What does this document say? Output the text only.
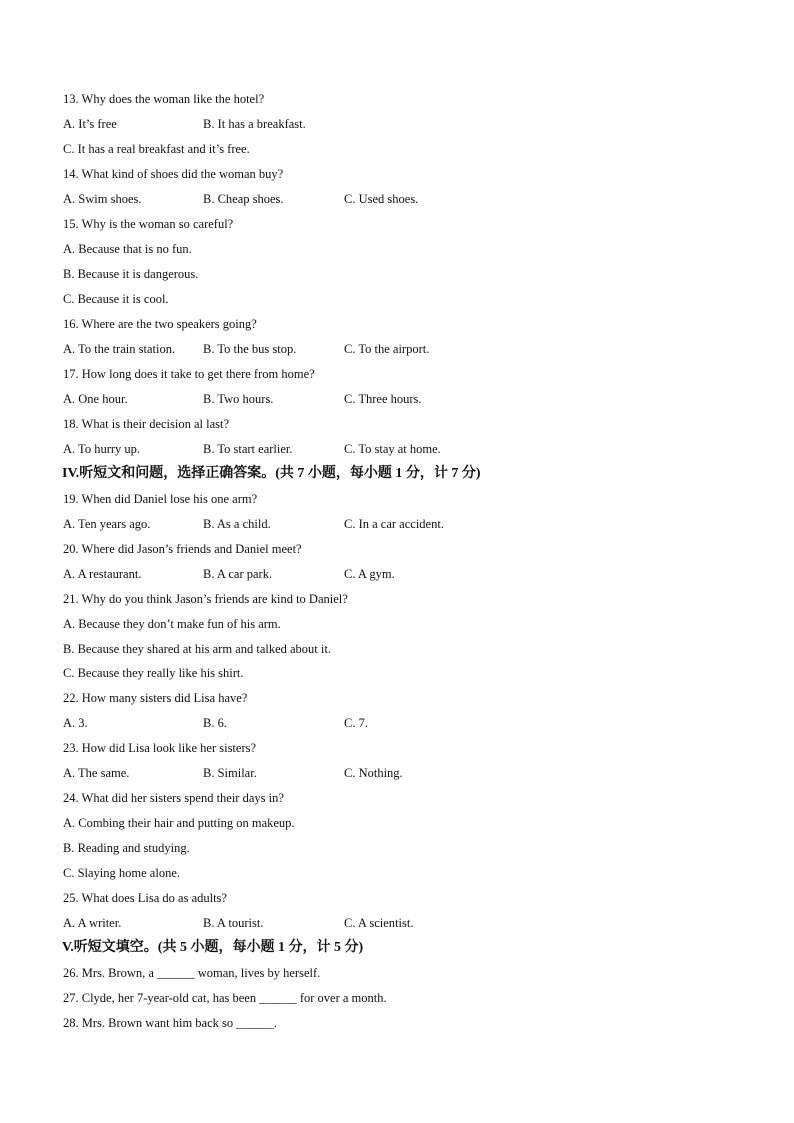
13. Why does the woman like the hotel?
A. It’s free	B. It has a breakfast.
C. It has a real breakfast and it’s free.
14. What kind of shoes did the woman buy?
A. Swim shoes.	B. Cheap shoes.	C. Used shoes.
15. Why is the woman so careful?
A. Because that is no fun.
B. Because it is dangerous.
C. Because it is cool.
16. Where are the two speakers going?
A. To the train station. B. To the bus stop.	C. To the airport.
17. How long does it take to get there from home?
A. One hour.	B. Two hours.	C. Three hours.
18. What is their decision al last?
A. To hurry up.	B. To start earlier.	C. To stay at home.
IV.听短文和问题，选择正确答案。(共 7 小题，每小题 1 分，计 7 分)
19. When did Daniel lose his one arm?
A. Ten years ago.	B. As a child.	C. In a car accident.
20. Where did Jason’s friends and Daniel meet?
A. A restaurant.	B. A car park.	C. A gym.
21. Why do you think Jason’s friends are kind to Daniel?
A. Because they don’t make fun of his arm.
B. Because they shared at his arm and talked about it.
C. Because they really like his shirt.
22. How many sisters did Lisa have?
A. 3.	B. 6.	C. 7.
23. How did Lisa look like her sisters?
A. The same.	B. Similar.	C. Nothing.
24. What did her sisters spend their days in?
A. Combing their hair and putting on makeup.
B. Reading and studying.
C. Slaying home alone.
25. What does Lisa do as adults?
A. A writer.	B. A tourist.	C. A scientist.
V.听短文填空。(共 5 小题，每小题 1 分，计 5 分)
26. Mrs. Brown, a ______ woman, lives by herself.
27. Clyde, her 7-year-old cat, has been ______ for over a month.
28. Mrs. Brown want him back so ______.
